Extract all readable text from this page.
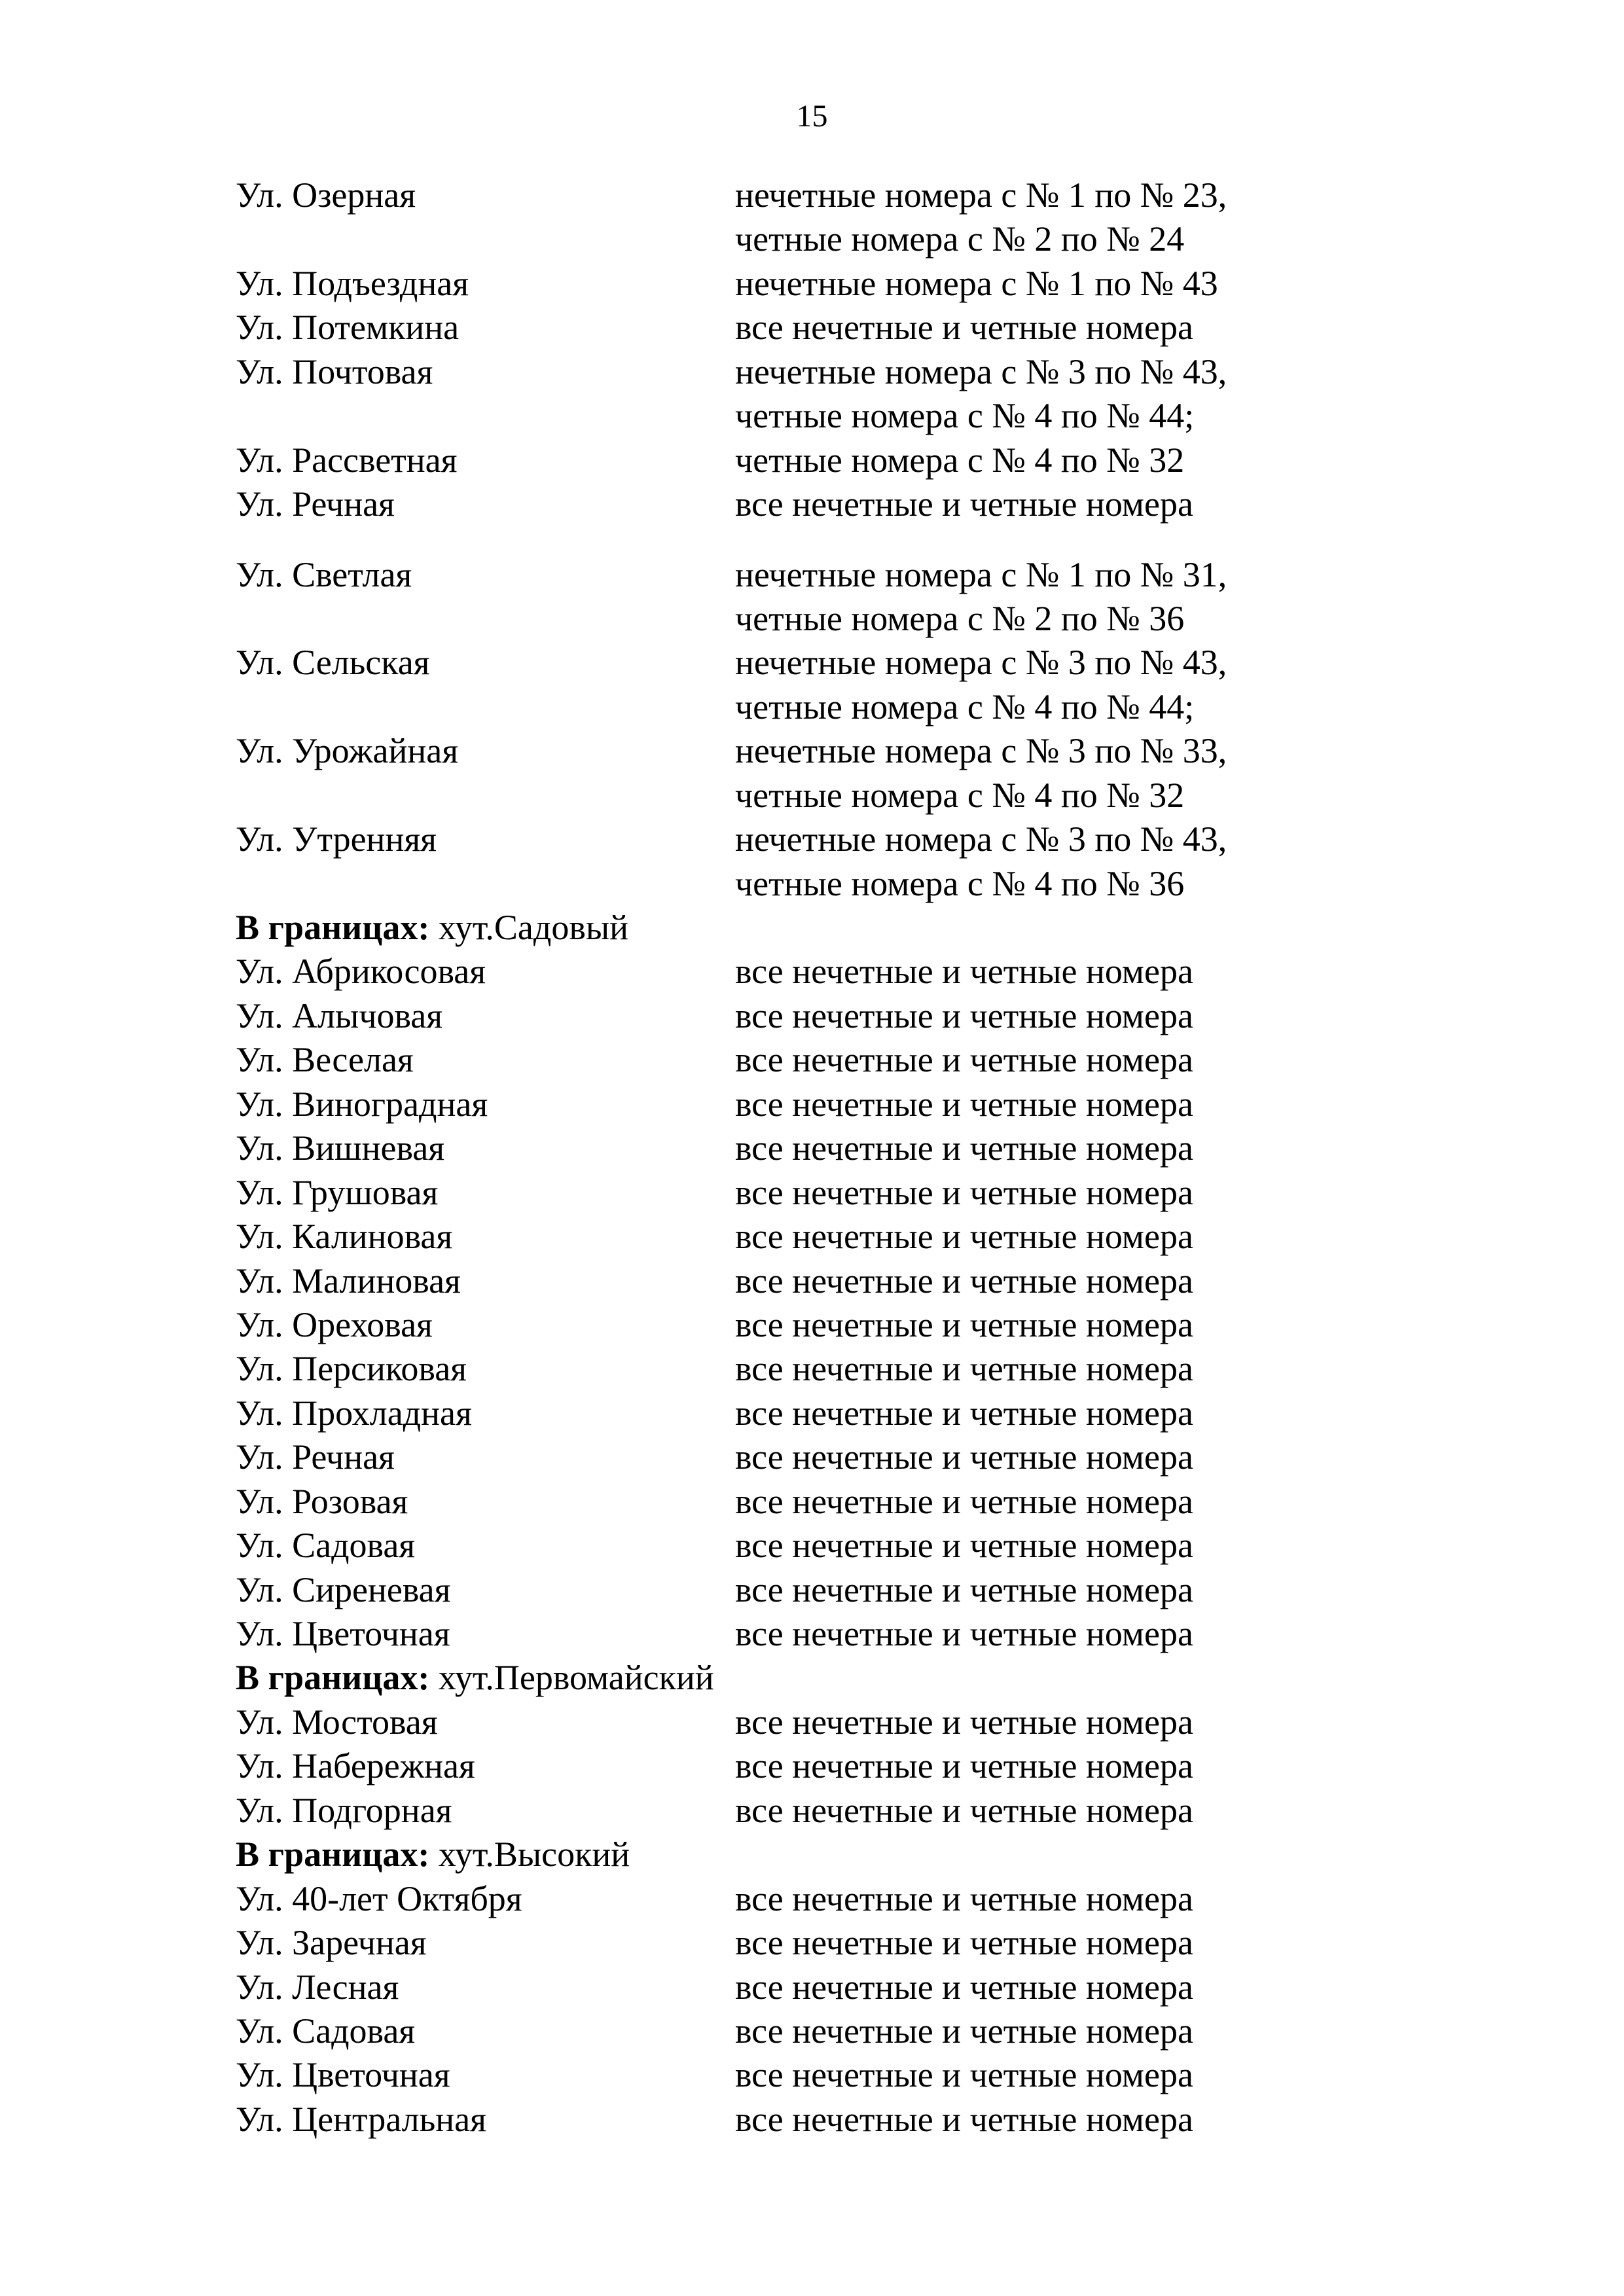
15
Ул. Озерная	нечетные номера с № 1 по № 23,
четные номера с № 2 по № 24
Ул. Подъездная	нечетные номера с № 1 по № 43
Ул. Потемкина	все нечетные и четные номера
Ул. Почтовая	нечетные номера с № 3 по № 43,
четные номера с № 4 по № 44;
Ул. Рассветная	четные номера с № 4 по № 32
Ул. Речная	все нечетные и четные номера
Ул. Светлая	нечетные номера с № 1 по № 31,
четные номера с № 2 по № 36
Ул. Сельская	нечетные номера с № 3 по № 43,
четные номера с № 4 по № 44;
Ул. Урожайная	нечетные номера с № 3 по № 33,
четные номера с № 4 по № 32
Ул. Утренняя	нечетные номера с № 3 по № 43,
четные номера с № 4 по № 36
В границах: хут.Садовый
Ул. Абрикосовая	все нечетные и четные номера
Ул. Алычовая	все нечетные и четные номера
Ул. Веселая	все нечетные и четные номера
Ул. Виноградная	все нечетные и четные номера
Ул. Вишневая	все нечетные и четные номера
Ул. Грушовая	все нечетные и четные номера
Ул. Калиновая	все нечетные и четные номера
Ул. Малиновая	все нечетные и четные номера
Ул. Ореховая	все нечетные и четные номера
Ул. Персиковая	все нечетные и четные номера
Ул. Прохладная	все нечетные и четные номера
Ул. Речная	все нечетные и четные номера
Ул. Розовая	все нечетные и четные номера
Ул. Садовая	все нечетные и четные номера
Ул. Сиреневая	все нечетные и четные номера
Ул. Цветочная	все нечетные и четные номера
В границах: хут.Первомайский
Ул. Мостовая	все нечетные и четные номера
Ул. Набережная	все нечетные и четные номера
Ул. Подгорная	все нечетные и четные номера
В границах: хут.Высокий
Ул. 40-лет Октября	все нечетные и четные номера
Ул. Заречная	все нечетные и четные номера
Ул. Лесная	все нечетные и четные номера
Ул. Садовая	все нечетные и четные номера
Ул. Цветочная	все нечетные и четные номера
Ул. Центральная	все нечетные и четные номера
